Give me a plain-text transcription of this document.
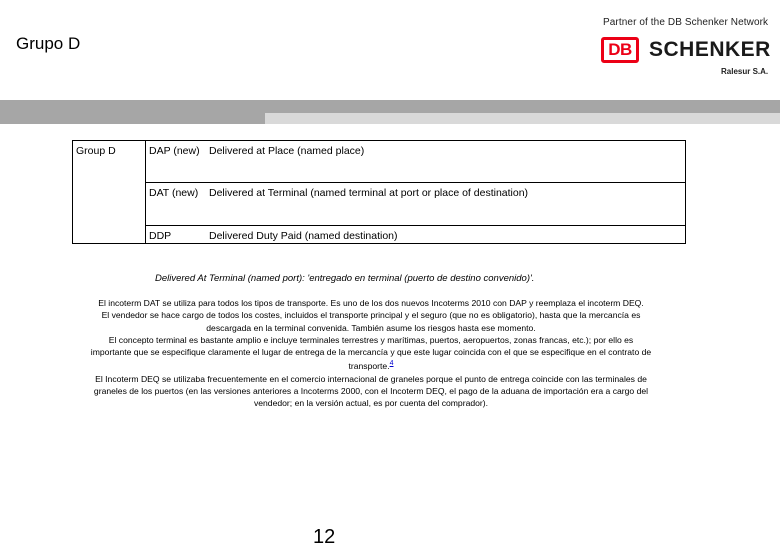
Grupo D
Partner of the DB Schenker Network
DB SCHENKER
Ralesur S.A.
Group D	DAP (new)	Delivered at Place (named place)
	DAT (new)	Delivered at Terminal (named terminal at port or place of destination)
	DDP	Delivered Duty Paid (named destination)
Delivered At Terminal (named port): 'entregado en terminal (puerto de destino convenido)'.
El incoterm DAT se utiliza para todos los tipos de transporte. Es uno de los dos nuevos Incoterms 2010 con DAP y reemplaza el incoterm DEQ.
El vendedor se hace cargo de todos los costes, incluidos el transporte principal y el seguro (que no es obligatorio), hasta que la mercancía es descargada en la terminal convenida. También asume los riesgos hasta ese momento.
El concepto terminal es bastante amplio e incluye terminales terrestres y marítimas, puertos, aeropuertos, zonas francas, etc.); por ello es importante que se especifique claramente el lugar de entrega de la mercancía y que este lugar coincida con el que se especifique en el contrato de transporte.$^4$
El Incoterm DEQ se utilizaba frecuentemente en el comercio internacional de graneles porque el punto de entrega coincide con las terminales de graneles de los puertos (en las versiones anteriores a Incoterms 2000, con el Incoterm DEQ, el pago de la aduana de importación era a cargo del vendedor; en la versión actual, es por cuenta del comprador).
12
